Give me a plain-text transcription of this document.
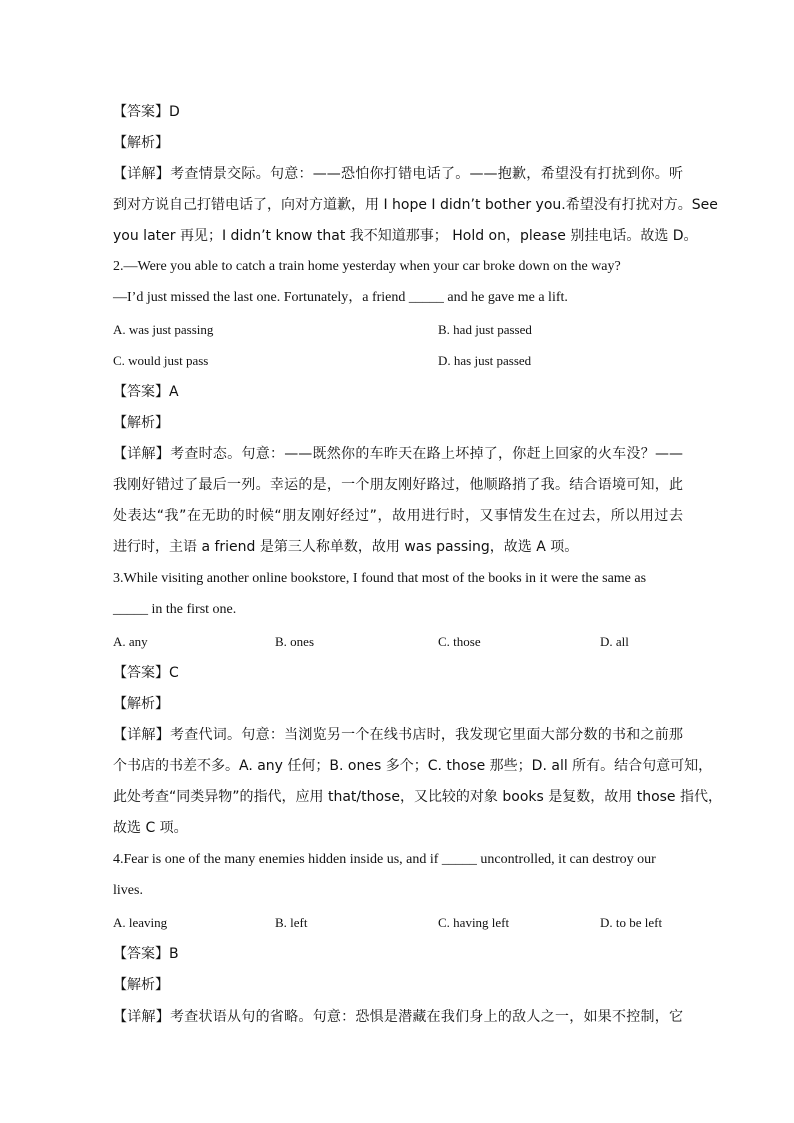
【答案】D
【解析】
【详解】考查情景交际。句意：——恐怕你打错电话了。——抱歉，希望没有打扰到你。听
到对方说自己打错电话了，向对方道歉，用 I hope I didn’t bother you.希望没有打扰对方。See
you later 再见；I didn’t know that 我不知道那事； Hold on，please 别挂电话。故选 D。
2.—Were you able to catch a train home yesterday when your car broke down on the way?
—I’d just missed the last one. Fortunately，a friend _____ and he gave me a lift.
A. was just passing	B. had just passed
C. would just pass	D. has just passed
【答案】A
【解析】
【详解】考查时态。句意：——既然你的车昨天在路上坏掉了，你赶上回家的火车没？——
我刚好错过了最后一列。幸运的是，一个朋友刚好路过，他顺路捎了我。结合语境可知，此
处表达“我”在无助的时候“朋友刚好经过”，故用进行时，又事情发生在过去，所以用过去
进行时，主语 a friend 是第三人称单数，故用 was passing，故选 A 项。
3.While visiting another online bookstore, I found that most of the books in it were the same as
_____ in the first one.
A. any	B. ones	C. those	D. all
【答案】C
【解析】
【详解】考查代词。句意：当浏览另一个在线书店时，我发现它里面大部分数的书和之前那
个书店的书差不多。A. any 任何；B. ones 多个；C. those 那些；D. all 所有。结合句意可知，
此处考查“同类异物”的指代，应用 that/those，又比较的对象 books 是复数，故用 those 指代，
故选 C 项。
4.Fear is one of the many enemies hidden inside us, and if _____ uncontrolled, it can destroy our
lives.
A. leaving	B. left	C. having left	D. to be left
【答案】B
【解析】
【详解】考查状语从句的省略。句意：恐惧是潜藏在我们身上的敌人之一，如果不控制，它
